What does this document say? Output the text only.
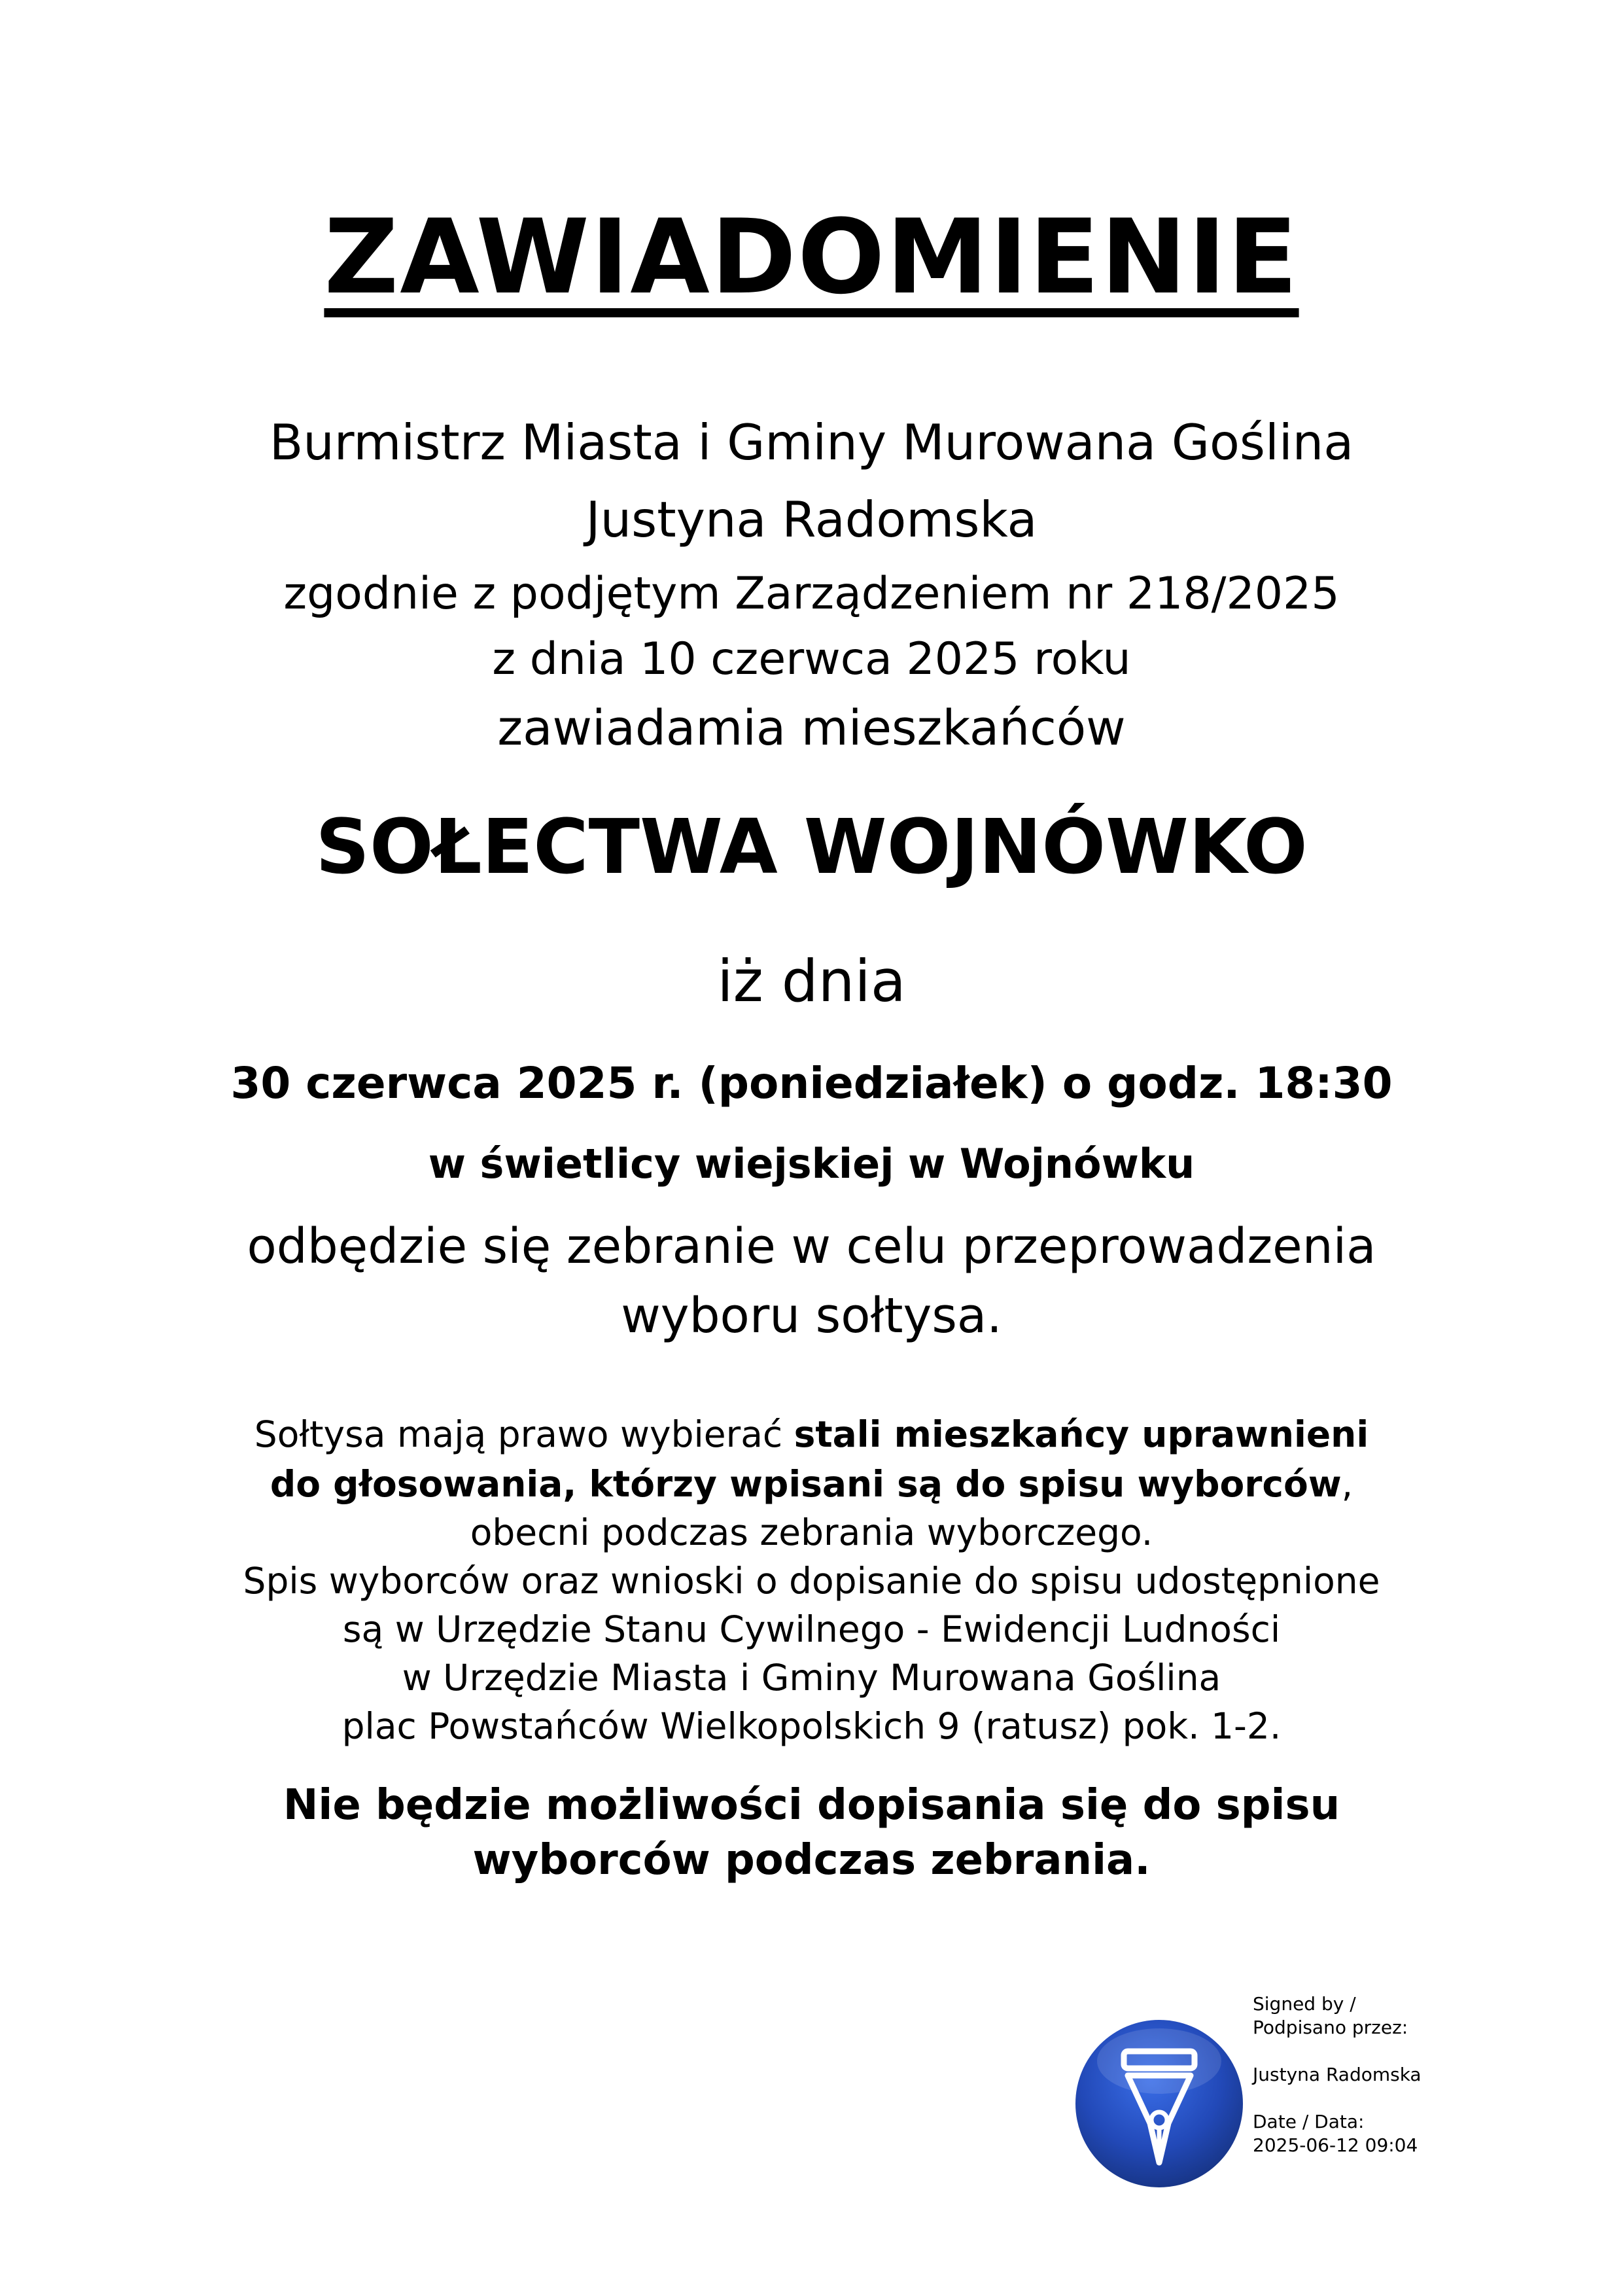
ZAWIADOMIENIE
Burmistrz Miasta i Gminy Murowana Goślina
Justyna Radomska
zgodnie z podjętym Zarządzeniem nr 218/2025
z dnia 10 czerwca 2025 roku
zawiadamia mieszkańców
SOŁECTWA WOJNÓWKO
iż dnia
30 czerwca 2025 r. (poniedziałek) o godz. 18:30
w świetlicy wiejskiej w Wojnówku
odbędzie się zebranie w celu przeprowadzenia
wyboru sołtysa.
Sołtysa mają prawo wybierać stali mieszkańcy uprawnieni
do głosowania, którzy wpisani są do spisu wyborców,
obecni podczas zebrania wyborczego.
Spis wyborców oraz wnioski o dopisanie do spisu udostępnione
są w Urzędzie Stanu Cywilnego - Ewidencji Ludności
w Urzędzie Miasta i Gminy Murowana Goślina
plac Powstańców Wielkopolskich 9 (ratusz) pok. 1-2.
Nie będzie możliwości dopisania się do spisu
wyborców podczas zebrania.
Signed by /
Podpisano przez:
Justyna Radomska
Date / Data:
2025-06-12 09:04
